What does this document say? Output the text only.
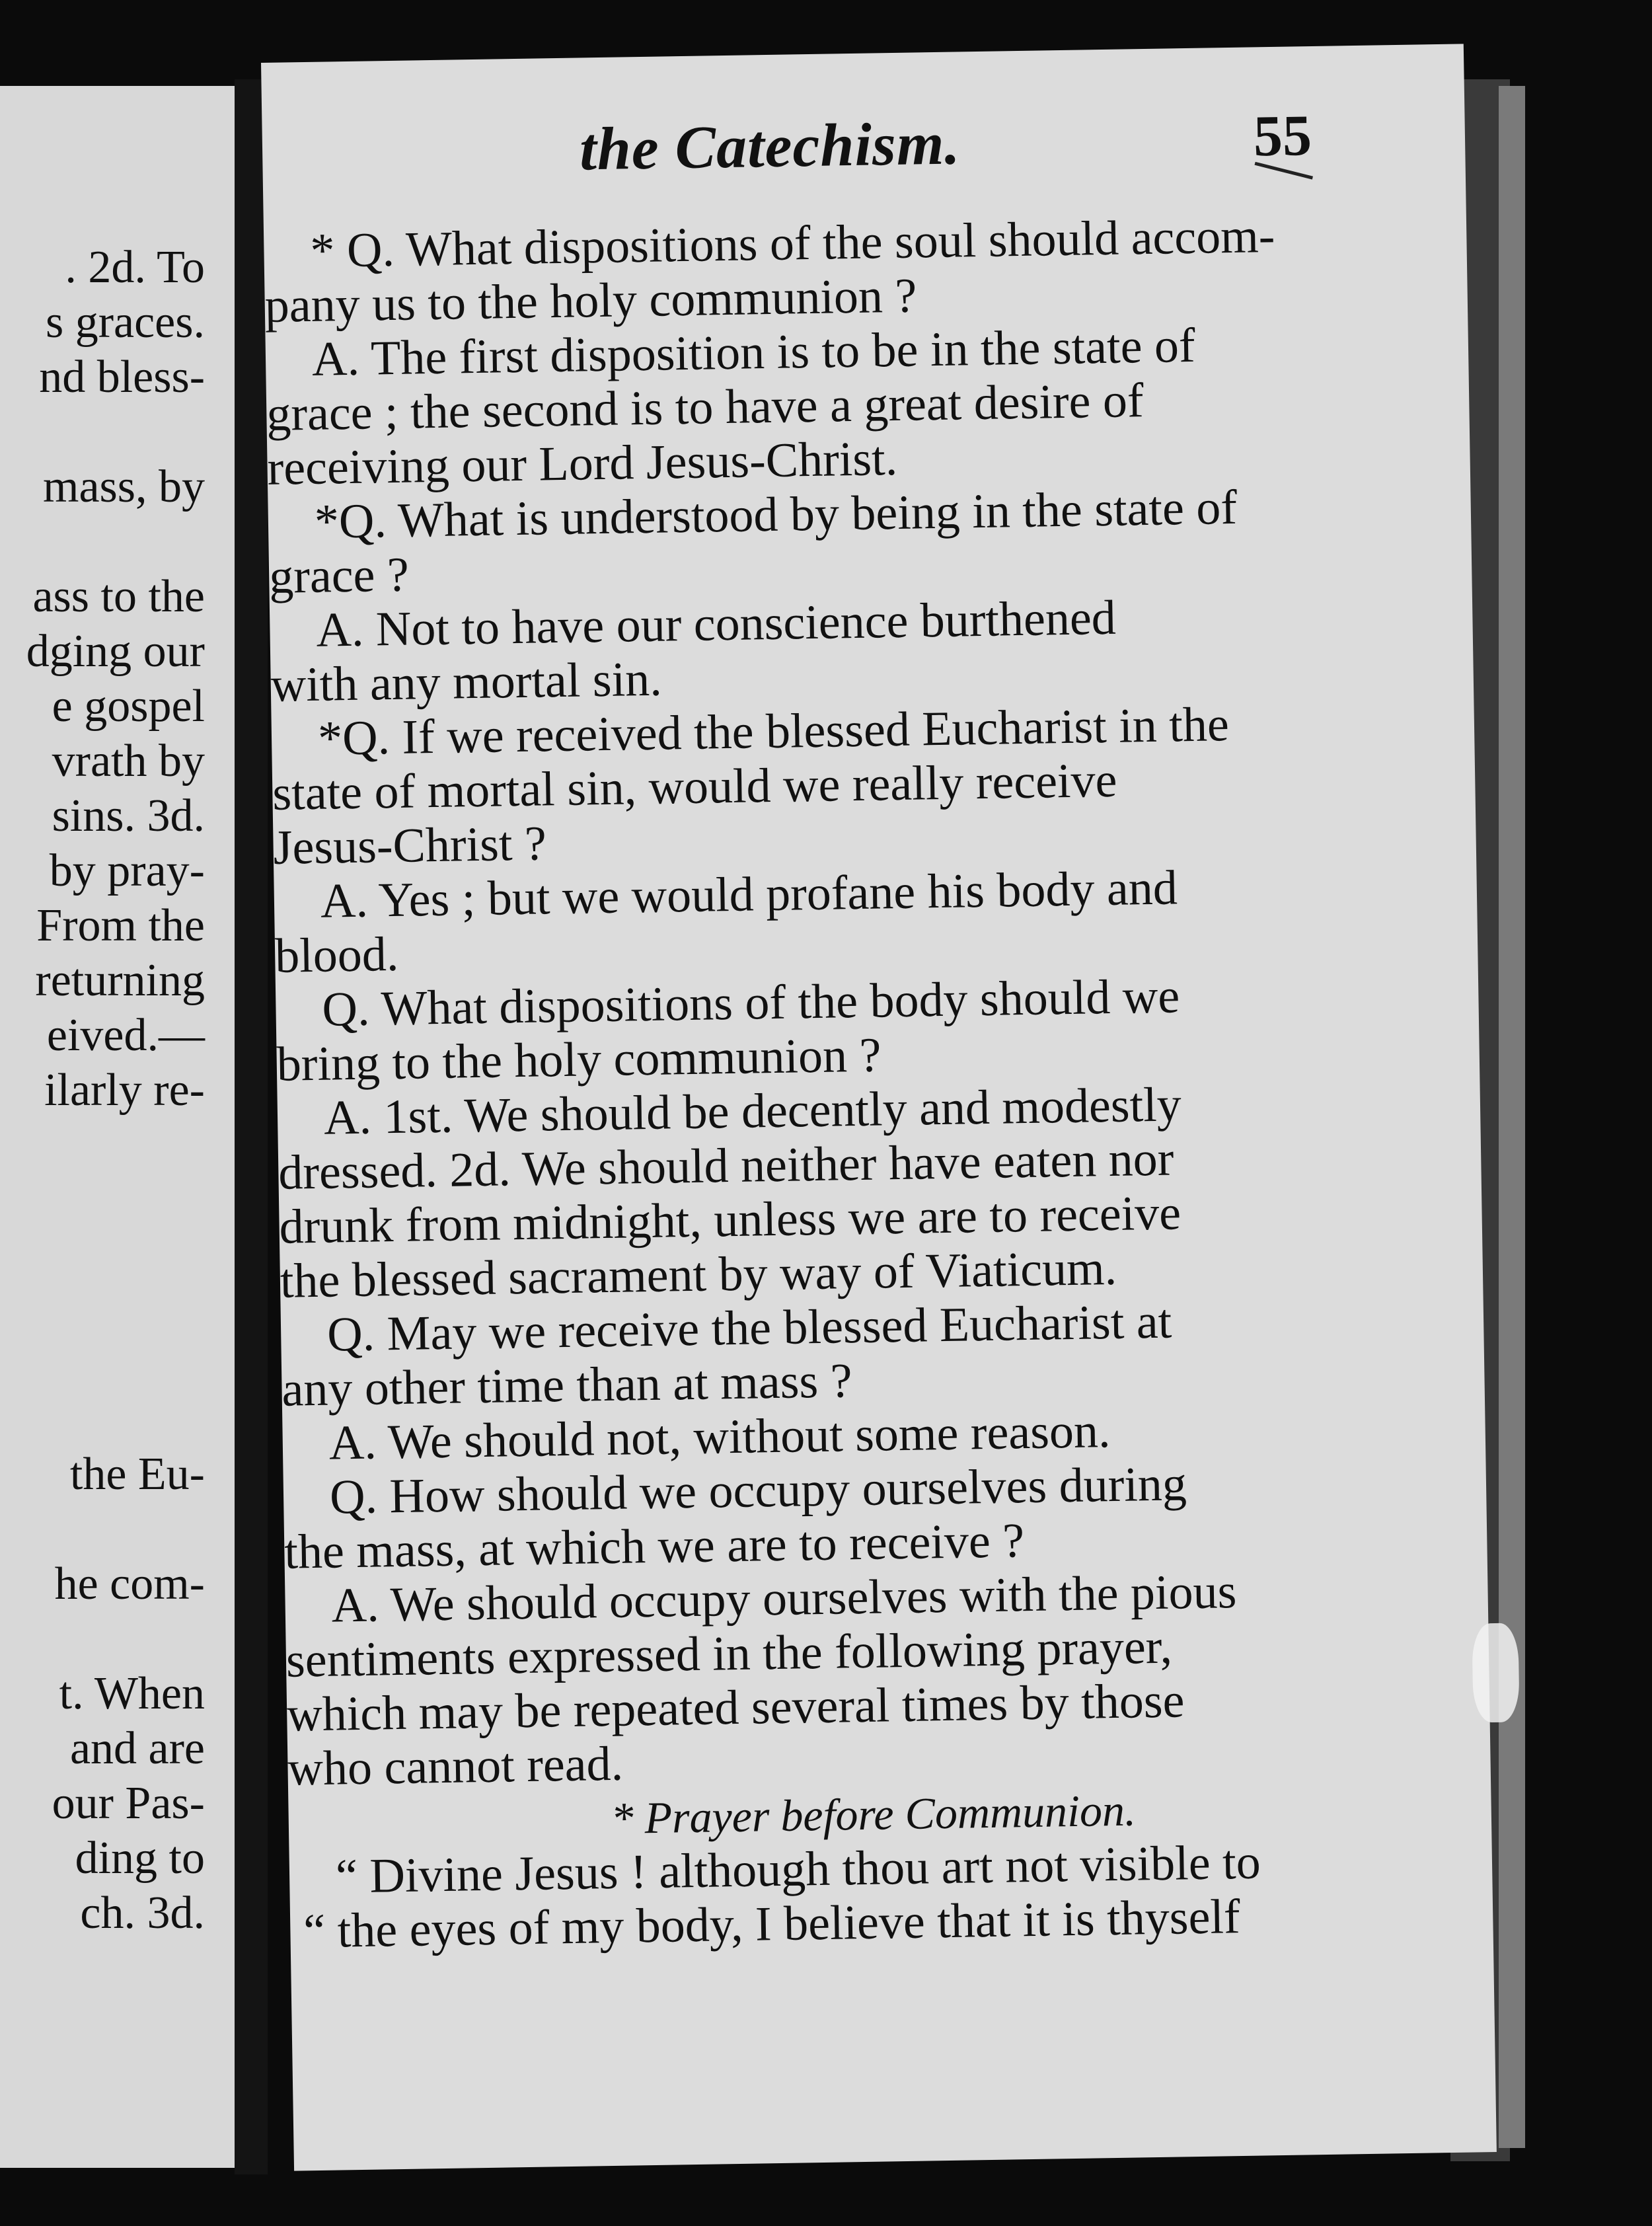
. 2d. To
s graces.
nd bless-
mass, by
ass to the
dging our
e gospel
vrath by
sins. 3d.
by pray-
From the
returning
eived.—
ilarly re-
the Eu-
he com-
t. When
and are
our Pas-
ding to
ch. 3d.
the Catechism.	55

* Q. What dispositions of the soul should accom-
pany us to the holy communion ?

A. The first disposition is to be in the state of
grace ; the second is to have a great desire of
receiving our Lord Jesus-Christ.

*Q. What is understood by being in the state of
grace ?

A. Not to have our conscience burthened
with any mortal sin.

*Q. If we received the blessed Eucharist in the
state of mortal sin, would we really receive
Jesus-Christ ?

A. Yes ; but we would profane his body and
blood.

Q. What dispositions of the body should we
bring to the holy communion ?

A. 1st. We should be decently and modestly
dressed. 2d. We should neither have eaten nor
drunk from midnight, unless we are to receive
the blessed sacrament by way of Viaticum.

Q. May we receive the blessed Eucharist at
any other time than at mass ?

A. We should not, without some reason.

Q. How should we occupy ourselves during
the mass, at which we are to receive ?

A. We should occupy ourselves with the pious
sentiments expressed in the following prayer,
which may be repeated several times by those
who cannot read.

* Prayer before Communion.

“ Divine Jesus ! although thou art not visible to
“ the eyes of my body, I believe that it is thyself
